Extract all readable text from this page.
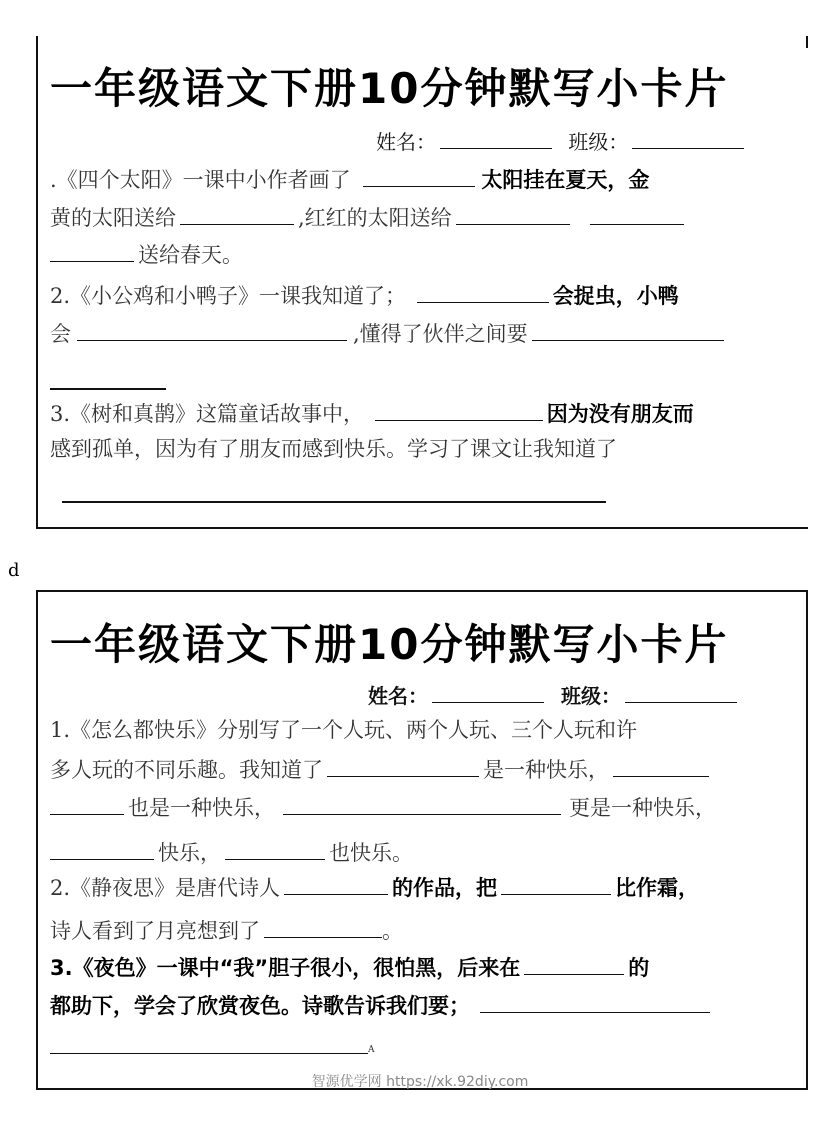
一年级语文下册10分钟默写小卡片
姓名：	班级：
.《四个太阳》一课中小作者画了	太阳挂在夏天，金
黄的太阳送给	,红红的太阳送给
送给春天。
2.《小公鸡和小鸭子》一课我知道了；	会捉虫，小鸭
会	,懂得了伙伴之间要
3.《树和真鹊》这篇童话故事中，	因为没有朋友而
感到孤单，因为有了朋友而感到快乐。学习了课文让我知道了
d
一年级语文下册10分钟默写小卡片
姓名：	班级：
1.《怎么都快乐》分别写了一个人玩、两个人玩、三个人玩和许
多人玩的不同乐趣。我知道了	是一种快乐，
也是一种快乐，	更是一种快乐，
快乐，	也快乐。
2.《静夜思》是唐代诗人	的作品，把	比作霜，
诗人看到了月亮想到了	。
3.《夜色》一课中“我”胆子很小，很怕黑，后来在	的
都助下，学会了欣赏夜色。诗歌告诉我们要；
A
智源优学网 https://xk.92diy.com
